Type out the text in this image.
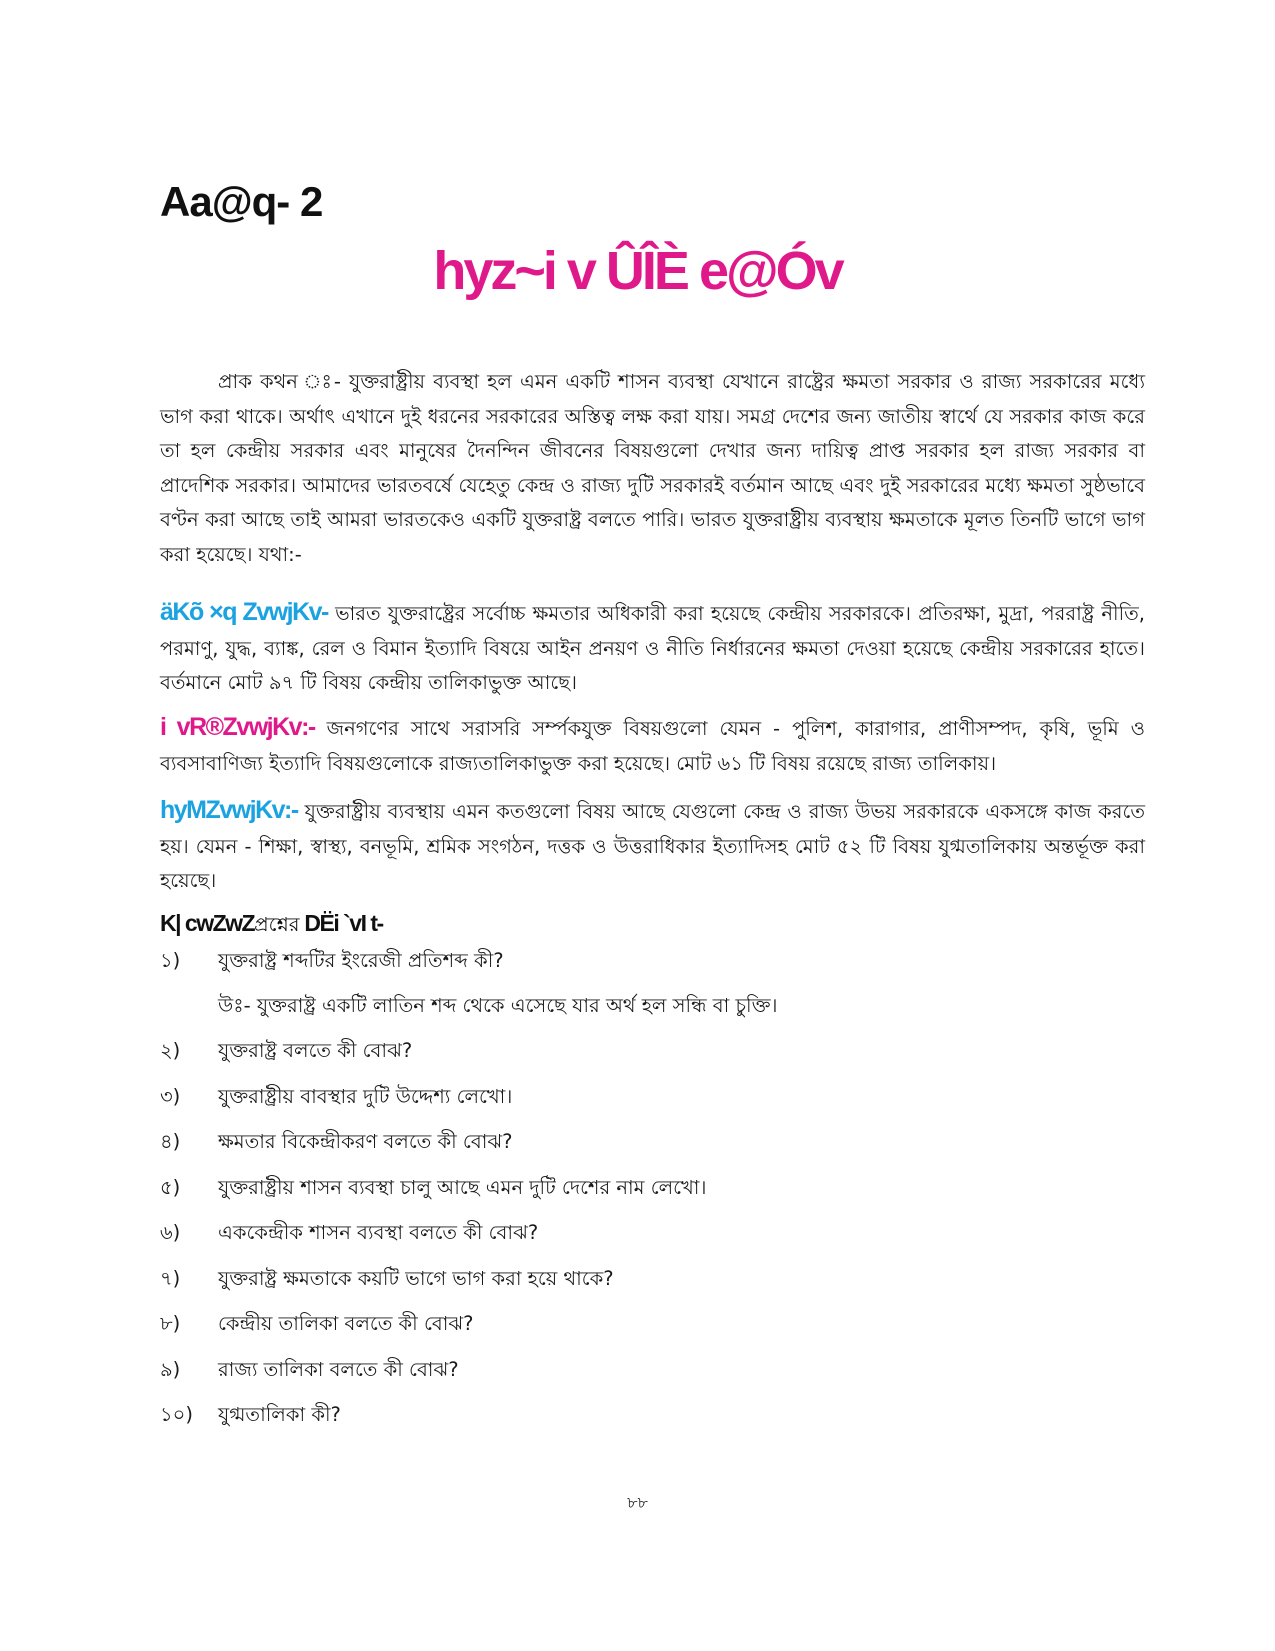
Aa@q- 2
hyz~i v ÛÎÈ e@Óv

প্রাক কথন ঃ- যুক্তরাষ্ট্রীয় ব্যবস্থা হল এমন একটি শাসন ব্যবস্থা যেখানে রাষ্ট্রের ক্ষমতা সরকার ও রাজ্য সরকারের মধ্যে ভাগ করা থাকে। অর্থাৎ এখানে দুই ধরনের সরকারের অস্তিত্ব লক্ষ করা যায়। সমগ্র দেশের জন্য জাতীয় স্বার্থে যে সরকার কাজ করে তা হল কেন্দ্রীয় সরকার এবং মানুষের দৈনন্দিন জীবনের বিষয়গুলো দেখার জন্য দায়িত্ব প্রাপ্ত সরকার হল রাজ্য সরকার বা প্রাদেশিক সরকার। আমাদের ভারতবর্ষে যেহেতু কেন্দ্র ও রাজ্য দুটি সরকারই বর্তমান আছে এবং দুই সরকারের মধ্যে ক্ষমতা সুষ্ঠভাবে বণ্টন করা আছে তাই আমরা ভারতকেও একটি যুক্তরাষ্ট্র বলতে পারি। ভারত যুক্তরাষ্ট্রীয় ব্যবস্থায় ক্ষমতাকে মূলত তিনটি ভাগে ভাগ করা হয়েছে। যথা:-

äKõ ×q ZvwjKv- ভারত যুক্তরাষ্ট্রের সর্বোচ্চ ক্ষমতার অধিকারী করা হয়েছে কেন্দ্রীয় সরকারকে। প্রতিরক্ষা, মুদ্রা, পররাষ্ট্র নীতি, পরমাণু, যুদ্ধ, ব্যাঙ্ক, রেল ও বিমান ইত্যাদি বিষয়ে আইন প্রনয়ণ ও নীতি নির্ধারনের ক্ষমতা দেওয়া হয়েছে কেন্দ্রীয় সরকারের হাতে। বর্তমানে মোট ৯৭ টি বিষয় কেন্দ্রীয় তালিকাভুক্ত আছে।

i vR®ZvwjKv:- জনগণের সাথে সরাসরি সর্ম্পকযুক্ত বিষয়গুলো যেমন - পুলিশ, কারাগার, প্রাণীসম্পদ, কৃষি, ভূমি ও ব্যবসাবাণিজ্য ইত্যাদি বিষয়গুলোকে রাজ্যতালিকাভুক্ত করা হয়েছে। মোট ৬১ টি বিষয় রয়েছে রাজ্য তালিকায়।

hyMZvwjKv:- যুক্তরাষ্ট্রীয় ব্যবস্থায় এমন কতগুলো বিষয় আছে যেগুলো কেন্দ্র ও রাজ্য উভয় সরকারকে একসঙ্গে কাজ করতে হয়। যেমন - শিক্ষা, স্বাস্থ্য, বনভূমি, শ্রমিক সংগঠন, দত্তক ও উত্তরাধিকার ইত্যাদিসহ মোট ৫২ টি বিষয় যুগ্মতালিকায় অন্তর্ভূক্ত করা হয়েছে।

K| cwZwZপ্রশ্নের DËi `vI t-
১)	যুক্তরাষ্ট্র শব্দটির ইংরেজী প্রতিশব্দ কী?
উঃ- যুক্তরাষ্ট্র একটি লাতিন শব্দ থেকে এসেছে যার অর্থ হল সন্ধি বা চুক্তি।
২)	যুক্তরাষ্ট্র বলতে কী বোঝ?
৩)	যুক্তরাষ্ট্রীয় বাবস্থার দুটি উদ্দেশ্য লেখো।
৪)	ক্ষমতার বিকেন্দ্রীকরণ বলতে কী বোঝ?
৫)	যুক্তরাষ্ট্রীয় শাসন ব্যবস্থা চালু আছে এমন দুটি দেশের নাম লেখো।
৬)	এককেন্দ্রীক শাসন ব্যবস্থা বলতে কী বোঝ?
৭)	যুক্তরাষ্ট্র ক্ষমতাকে কয়টি ভাগে ভাগ করা হয়ে থাকে?
৮)	কেন্দ্রীয় তালিকা বলতে কী বোঝ?
৯)	রাজ্য তালিকা বলতে কী বোঝ?
১০)	যুগ্মতালিকা কী?
৮৮
